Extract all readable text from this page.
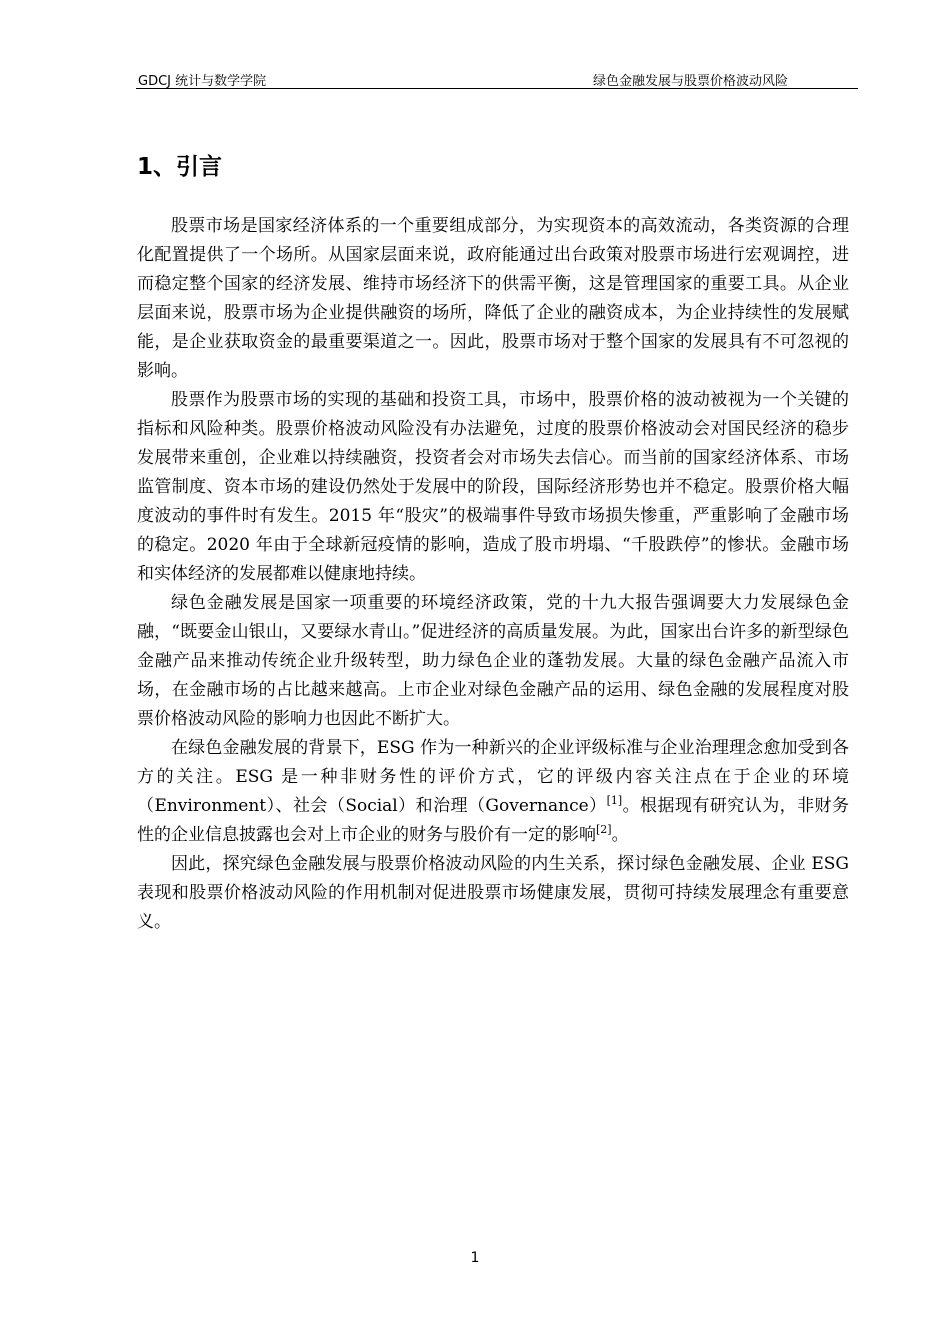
GDCJ 统计与数学学院	绿色金融发展与股票价格波动风险
1、引言

股票市场是国家经济体系的一个重要组成部分，为实现资本的高效流动，各类资源的合理化配置提供了一个场所。从国家层面来说，政府能通过出台政策对股票市场进行宏观调控，进而稳定整个国家的经济发展、维持市场经济下的供需平衡，这是管理国家的重要工具。从企业层面来说，股票市场为企业提供融资的场所，降低了企业的融资成本，为企业持续性的发展赋能，是企业获取资金的最重要渠道之一。因此，股票市场对于整个国家的发展具有不可忽视的影响。

股票作为股票市场的实现的基础和投资工具，市场中，股票价格的波动被视为一个关键的指标和风险种类。股票价格波动风险没有办法避免，过度的股票价格波动会对国民经济的稳步发展带来重创，企业难以持续融资，投资者会对市场失去信心。而当前的国家经济体系、市场监管制度、资本市场的建设仍然处于发展中的阶段，国际经济形势也并不稳定。股票价格大幅度波动的事件时有发生。2015 年“股灾”的极端事件导致市场损失惨重，严重影响了金融市场的稳定。2020 年由于全球新冠疫情的影响，造成了股市坍塌、“千股跌停”的惨状。金融市场和实体经济的发展都难以健康地持续。

绿色金融发展是国家一项重要的环境经济政策，党的十九大报告强调要大力发展绿色金融，“既要金山银山，又要绿水青山。”促进经济的高质量发展。为此，国家出台许多的新型绿色金融产品来推动传统企业升级转型，助力绿色企业的蓬勃发展。大量的绿色金融产品流入市场，在金融市场的占比越来越高。上市企业对绿色金融产品的运用、绿色金融的发展程度对股票价格波动风险的影响力也因此不断扩大。

在绿色金融发展的背景下，ESG 作为一种新兴的企业评级标准与企业治理理念愈加受到各方的关注。ESG 是一种非财务性的评价方式，它的评级内容关注点在于企业的环境（Environment）、社会（Social）和治理（Governance）[1]。根据现有研究认为，非财务性的企业信息披露也会对上市企业的财务与股价有一定的影响[2]。

因此，探究绿色金融发展与股票价格波动风险的内生关系，探讨绿色金融发展、企业 ESG 表现和股票价格波动风险的作用机制对促进股票市场健康发展，贯彻可持续发展理念有重要意义。

1
